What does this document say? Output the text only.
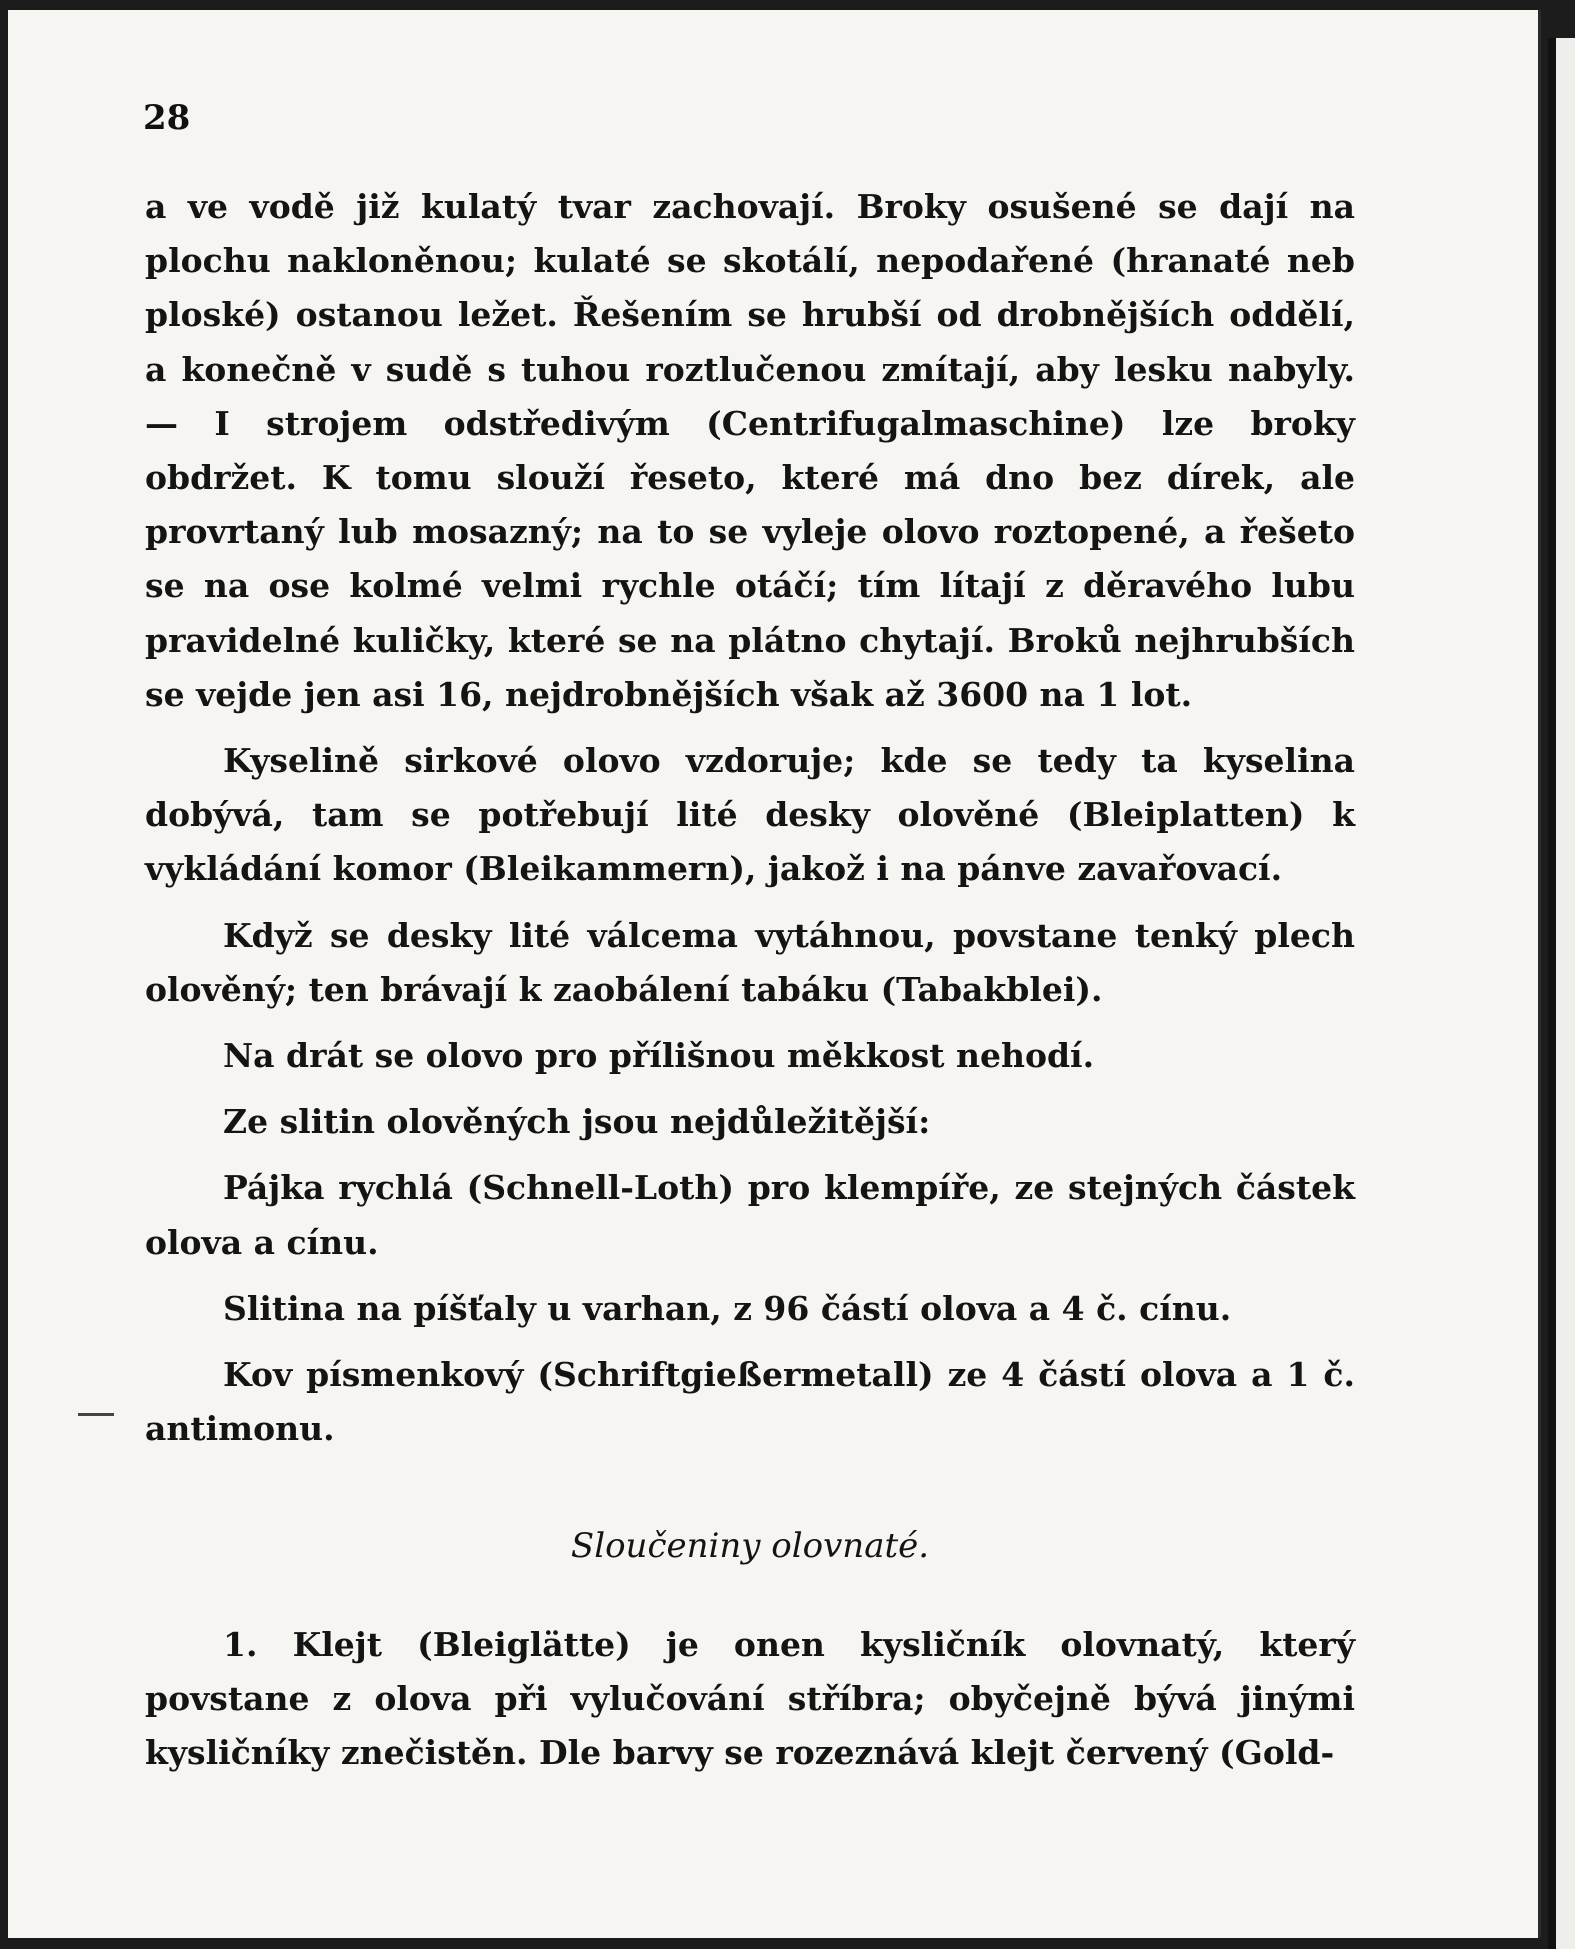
28

a ve vodě již kulatý tvar zachovají. Broky osušené se dají na plochu nakloněnou; kulaté se skotálí, nepodařené (hranaté neb ploské) ostanou ležet. Řešením se hrubší od drobnějších oddělí, a konečně v sudě s tuhou roztlučenou zmítají, aby lesku nabyly. — I strojem odstředivým (Centrifugalmaschine) lze broky obdržet. K tomu slouží řeseto, které má dno bez dírek, ale provrtaný lub mosazný; na to se vyleje olovo roztopené, a řešeto se na ose kolmé velmi rychle otáčí; tím lítají z děravého lubu pravidelné kuličky, které se na plátno chytají. Broků nejhrubších se vejde jen asi 16, nejdrobnějších však až 3600 na 1 lot.

Kyselině sirkové olovo vzdoruje; kde se tedy ta kyselina dobývá, tam se potřebují lité desky olověné (Bleiplatten) k vykládání komor (Bleikammern), jakož i na pánve zavařovací.

Když se desky lité válcema vytáhnou, povstane tenký plech olověný; ten brávají k zaobálení tabáku (Tabakblei).

Na drát se olovo pro přílišnou měkkost nehodí.

Ze slitin olověných jsou nejdůležitější:

Pájka rychlá (Schnell-Loth) pro klempíře, ze stejných částek olova a cínu.

Slitina na píšťaly u varhan, z 96 částí olova a 4 č. cínu.

Kov písmenkový (Schriftgießermetall) ze 4 částí olova a 1 č. antimonu.

Sloučeniny olovnaté.

1. Klejt (Bleiglätte) je onen kysličník olovnatý, který povstane z olova při vylučování stříbra; obyčejně bývá jinými kysličníky znečistěn. Dle barvy se rozeznává klejt červený (Gold-
